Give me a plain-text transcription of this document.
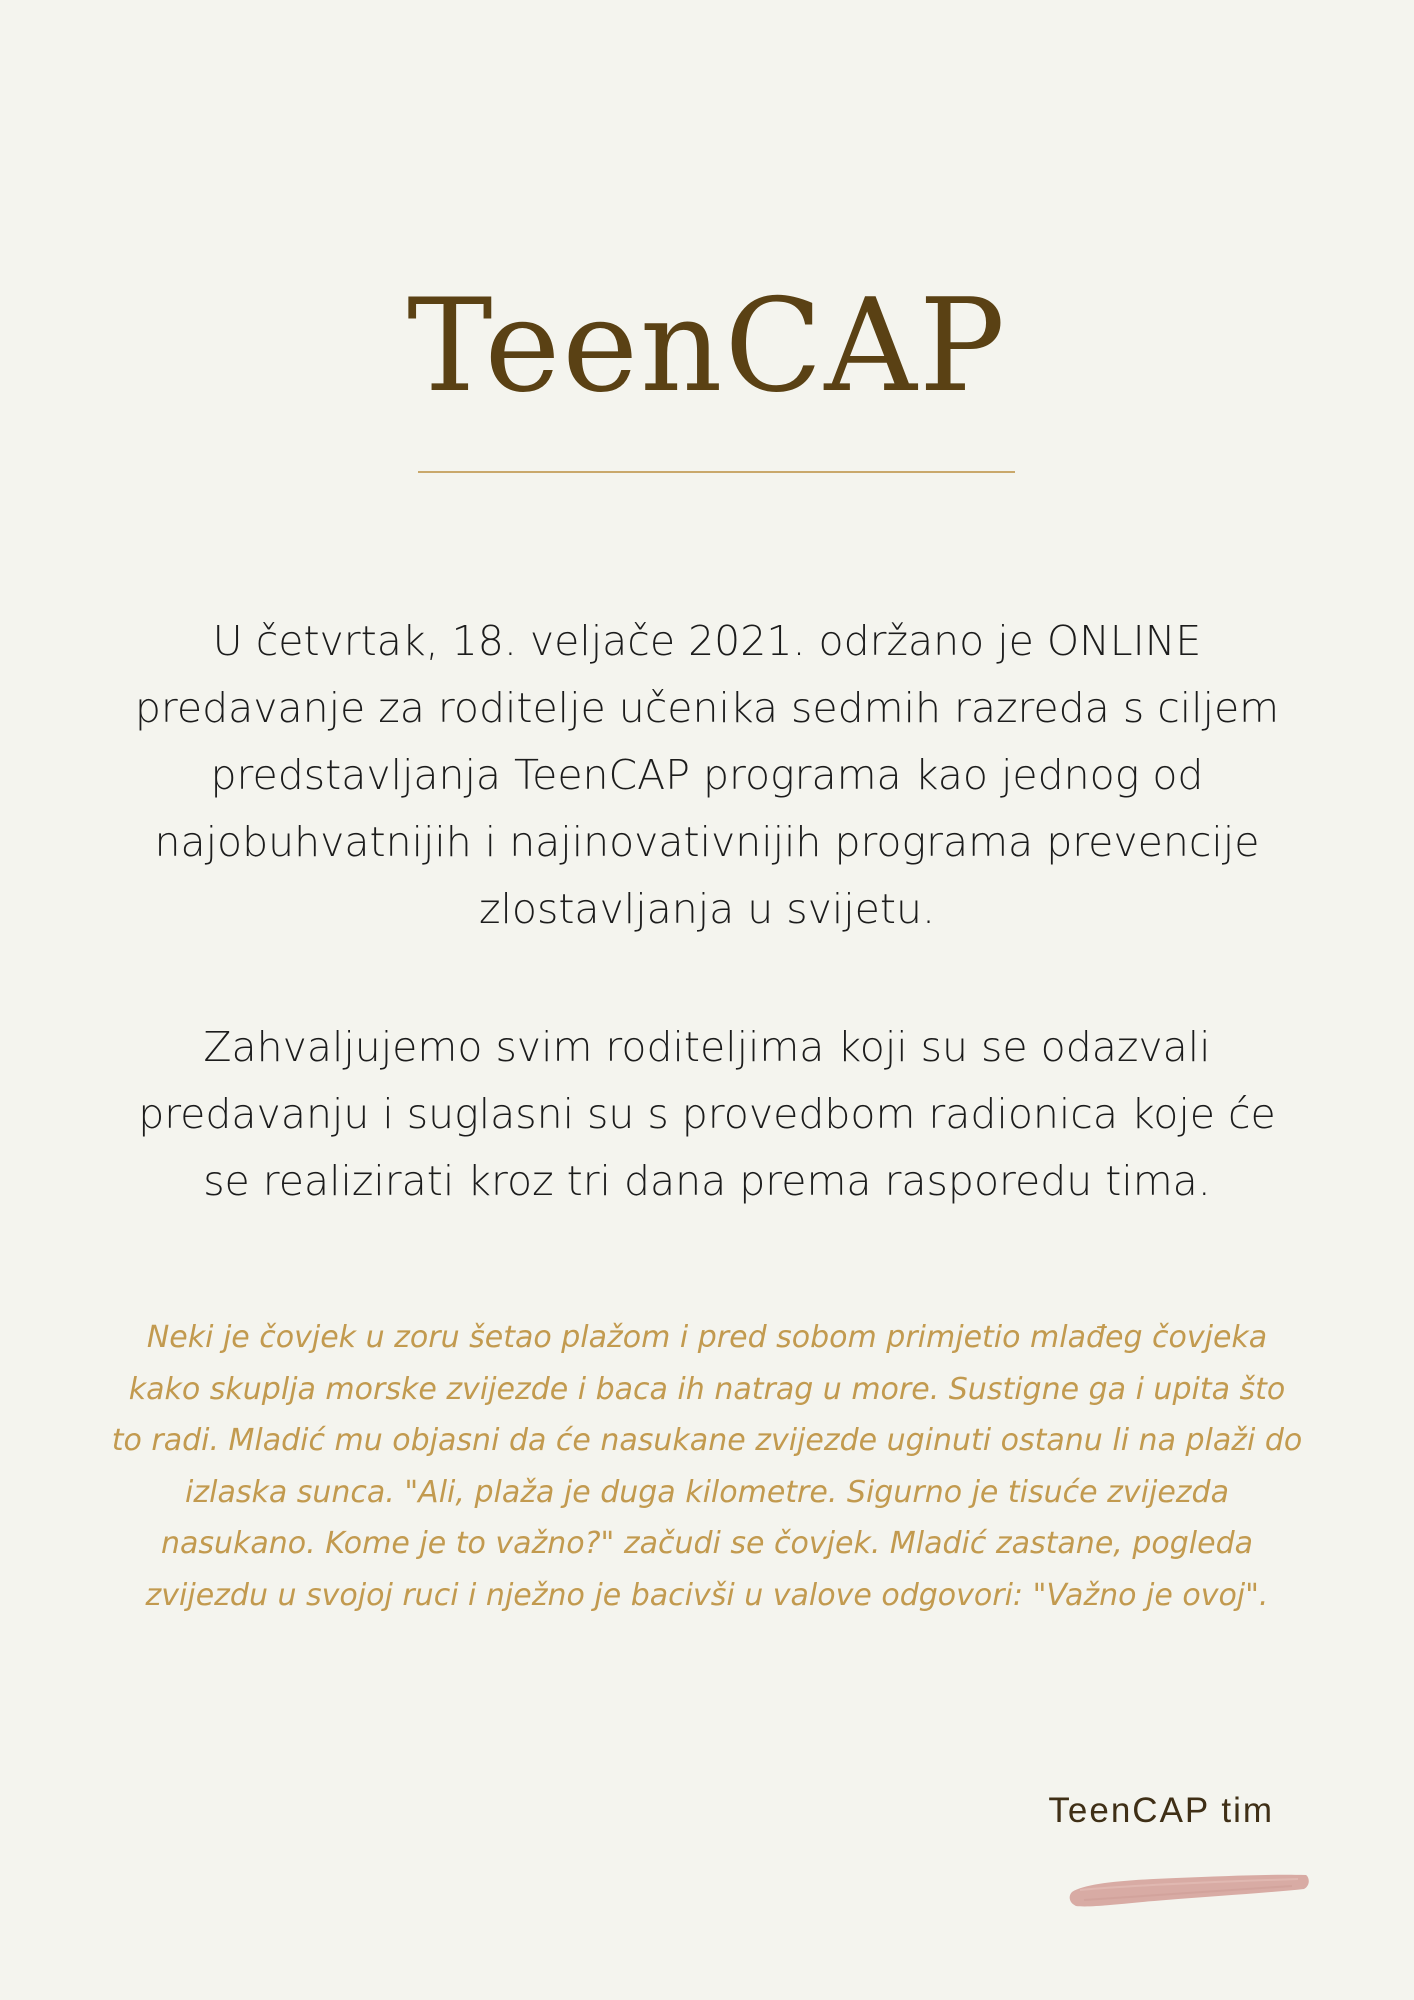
TeenCAP

U četvrtak, 18. veljače 2021. održano je ONLINE predavanje za roditelje učenika sedmih razreda s ciljem predstavljanja TeenCAP programa kao jednog od najobuhvatnijih i najinovativnijih programa prevencije zlostavljanja u svijetu.

Zahvaljujemo svim roditeljima koji su se odazvali predavanju i suglasni su s provedbom radionica koje će se realizirati kroz tri dana prema rasporedu tima.

Neki je čovjek u zoru šetao plažom i pred sobom primjetio mlađeg čovjeka kako skuplja morske zvijezde i baca ih natrag u more. Sustigne ga i upita što to radi. Mladić mu objasni da će nasukane zvijezde uginuti ostanu li na plaži do izlaska sunca. "Ali, plaža je duga kilometre. Sigurno je tisuće zvijezda nasukano. Kome je to važno?" začudi se čovjek. Mladić zastane, pogleda zvijezdu u svojoj ruci i nježno je bacivši u valove odgovori: "Važno je ovoj".

TeenCAP tim
